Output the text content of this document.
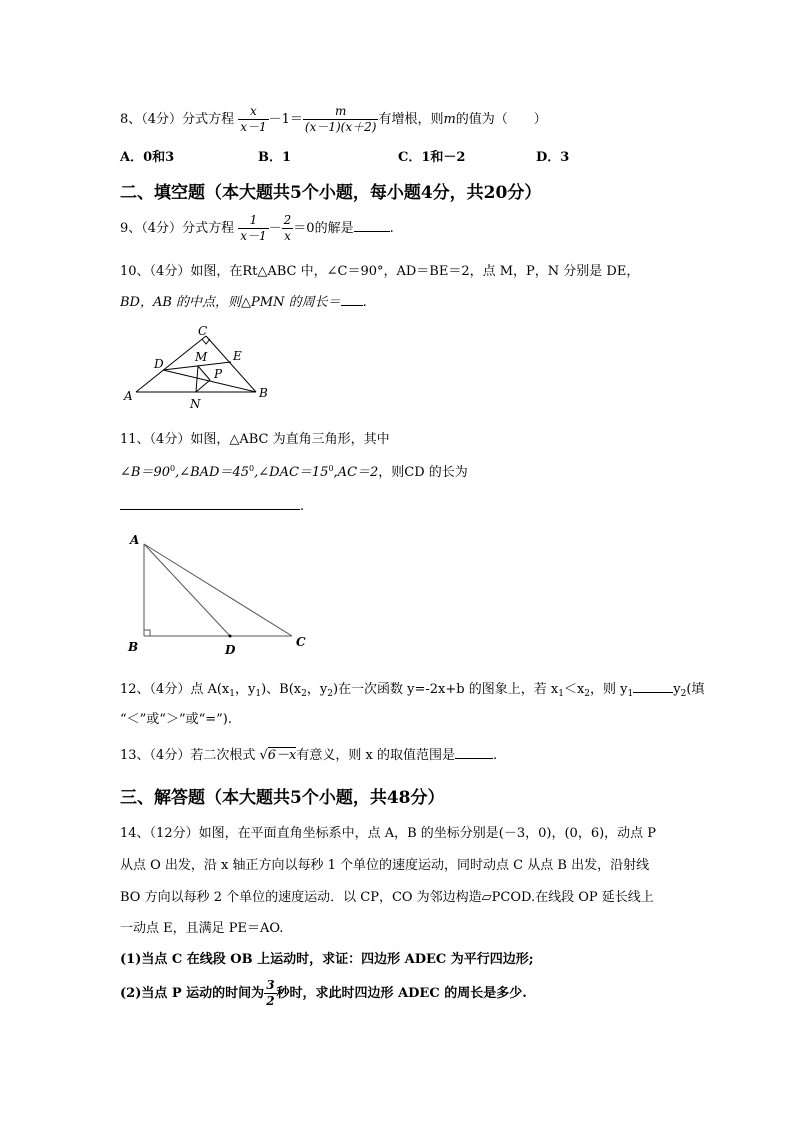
8、（4分）分式方程 $\frac{x}{x-1} -1= \frac{m}{(x-1)(x+2)}$ 有增根，则m的值为（　　）
A．0和3	B．1	C．1和－2	D．3
二、填空题（本大题共5个小题，每小题4分，共20分）
9、（4分）分式方程 $\frac{1}{x-1} - \frac{2}{x} =0$的解是	.
10、（4分）如图，在Rt△ABC 中，∠C＝90°，AD＝BE＝2，点 M，P，N 分别是 DE，
BD，AB 的中点，则△PMN 的周长＝ .
A	B
C
D
E
M
P
N
11、（4分）如图，△ABC 为直角三角形，其中
$\angle B=90^0,\angle BAD=45^0,\angle DAC=15^0,AC=2$，则CD 的长为
.
A
B	C
D
12、（4分）点 $A(x_1$，$y_1$)、$B(x_2$，$y_2$)在一次函数 y=-2x+b 的图象上，若 $x_1<x_2$，则 $y_1$	$y_2$(填
“＜”或“＞”或“=”).
13、（4分）若二次根式 √6－x有意义，则 x 的取值范围是	.
三、解答题（本大题共5个小题，共48分）
14、（12分）如图，在平面直角坐标系中，点 A，B 的坐标分别是(－3，0)，(0，6)，动点 P
从点 O 出发，沿 x 轴正方向以每秒 1 个单位的速度运动，同时动点 C 从点 B 出发，沿射线
BO 方向以每秒 2 个单位的速度运动．以 CP，CO 为邻边构造▱PCOD.在线段 OP 延长线上
一动点 E，且满足 PE＝AO.
(1)当点 C 在线段 OB 上运动时，求证：四边形 ADEC 为平行四边形;
(2)当点 P 运动的时间为 $\frac{3}{2}$ 秒时，求此时四边形 ADEC 的周长是多少.
